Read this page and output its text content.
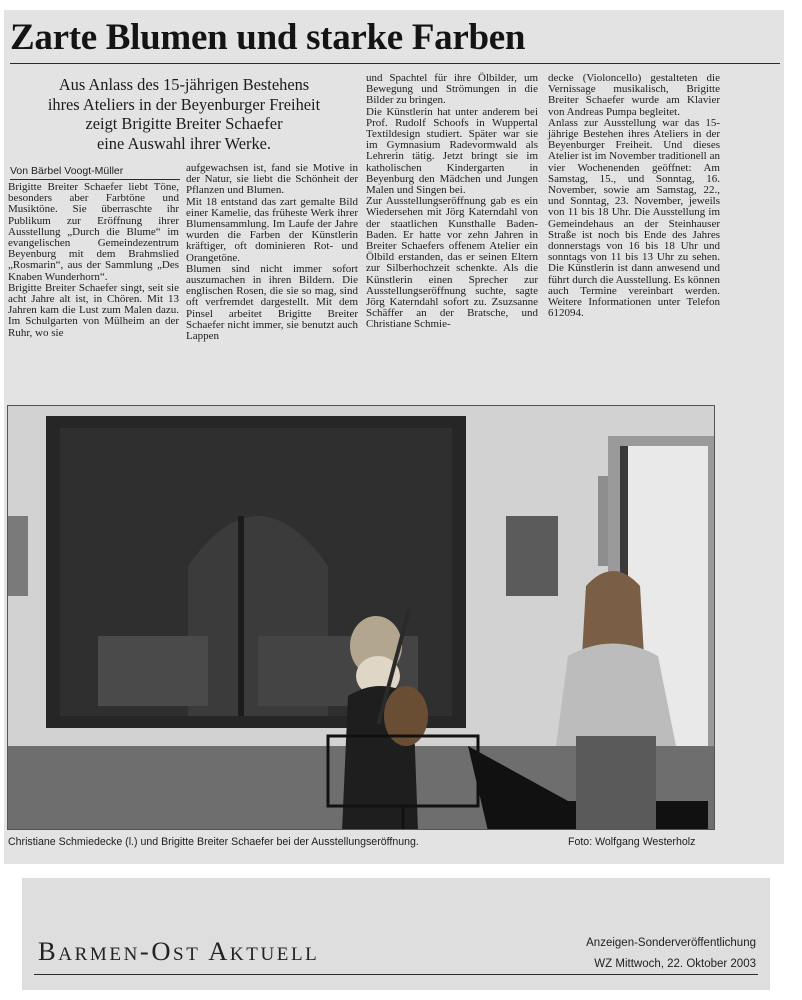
Zarte Blumen und starke Farben
Aus Anlass des 15-jährigen Bestehens
ihres Ateliers in der Beyenburger Freiheit
zeigt Brigitte Breiter Schaefer
eine Auswahl ihrer Werke.
Von Bärbel Voogt-Müller
Brigitte Breiter Schaefer liebt Töne, besonders aber Farbtöne und Musiktöne. Sie überraschte ihr Publikum zur Eröffnung ihrer Ausstellung „Durch die Blume“ im evangelischen Gemeindezentrum Beyenburg mit dem Brahmslied „Rosmarin“, aus der Sammlung „Des Knaben Wunderhorn“.
Brigitte Breiter Schaefer singt, seit sie acht Jahre alt ist, in Chören. Mit 13 Jahren kam die Lust zum Malen dazu. Im Schulgarten von Mülheim an der Ruhr, wo sie
aufgewachsen ist, fand sie Motive in der Natur, sie liebt die Schönheit der Pflanzen und Blumen.
Mit 18 entstand das zart gemalte Bild einer Kamelie, das früheste Werk ihrer Blumensammlung. Im Laufe der Jahre wurden die Farben der Künstlerin kräftiger, oft dominieren Rot- und Orangetöne.
Blumen sind nicht immer sofort auszumachen in ihren Bildern. Die englischen Rosen, die sie so mag, sind oft verfremdet dargestellt. Mit dem Pinsel arbeitet Brigitte Breiter Schaefer nicht immer, sie benutzt auch Lappen
und Spachtel für ihre Ölbilder, um Bewegung und Strömungen in die Bilder zu bringen.
Die Künstlerin hat unter anderem bei Prof. Rudolf Schoofs in Wuppertal Textildesign studiert. Später war sie im Gymnasium Radevormwald als Lehrerin tätig. Jetzt bringt sie im katholischen Kindergarten in Beyenburg den Mädchen und Jungen Malen und Singen bei.
Zur Ausstellungseröffnung gab es ein Wiedersehen mit Jörg Katerndahl von der staatlichen Kunsthalle Baden-Baden. Er hatte vor zehn Jahren in Breiter Schaefers offenem Atelier ein Ölbild erstanden, das er seinen Eltern zur Silberhochzeit schenkte. Als die Künstlerin einen Sprecher zur Ausstellungseröffnung suchte, sagte Jörg Katerndahl sofort zu. Zsuzsanne Schäffer an der Bratsche, und Christiane Schmie-
decke (Violoncello) gestalteten die Vernissage musikalisch, Brigitte Breiter Schaefer wurde am Klavier von Andreas Pumpa begleitet.
Anlass zur Ausstellung war das 15-jährige Bestehen ihres Ateliers in der Beyenburger Freiheit. Und dieses Atelier ist im November traditionell an vier Wochenenden geöffnet: Am Samstag, 15., und Sonntag, 16. November, sowie am Samstag, 22., und Sonntag, 23. November, jeweils von 11 bis 18 Uhr. Die Ausstellung im Gemeindehaus an der Steinhauser Straße ist noch bis Ende des Jahres donnerstags von 16 bis 18 Uhr und sonntags von 11 bis 13 Uhr zu sehen. Die Künstlerin ist dann anwesend und führt durch die Ausstellung. Es können auch Termine vereinbart werden. Weitere Informationen unter Telefon 612094.
Christiane Schmiedecke (l.) und Brigitte Breiter Schaefer bei der Ausstellungseröffnung.	Foto: Wolfgang Westerholz
Barmen-Ost Aktuell	Anzeigen-Sonderveröffentlichung
WZ Mittwoch, 22. Oktober 2003
